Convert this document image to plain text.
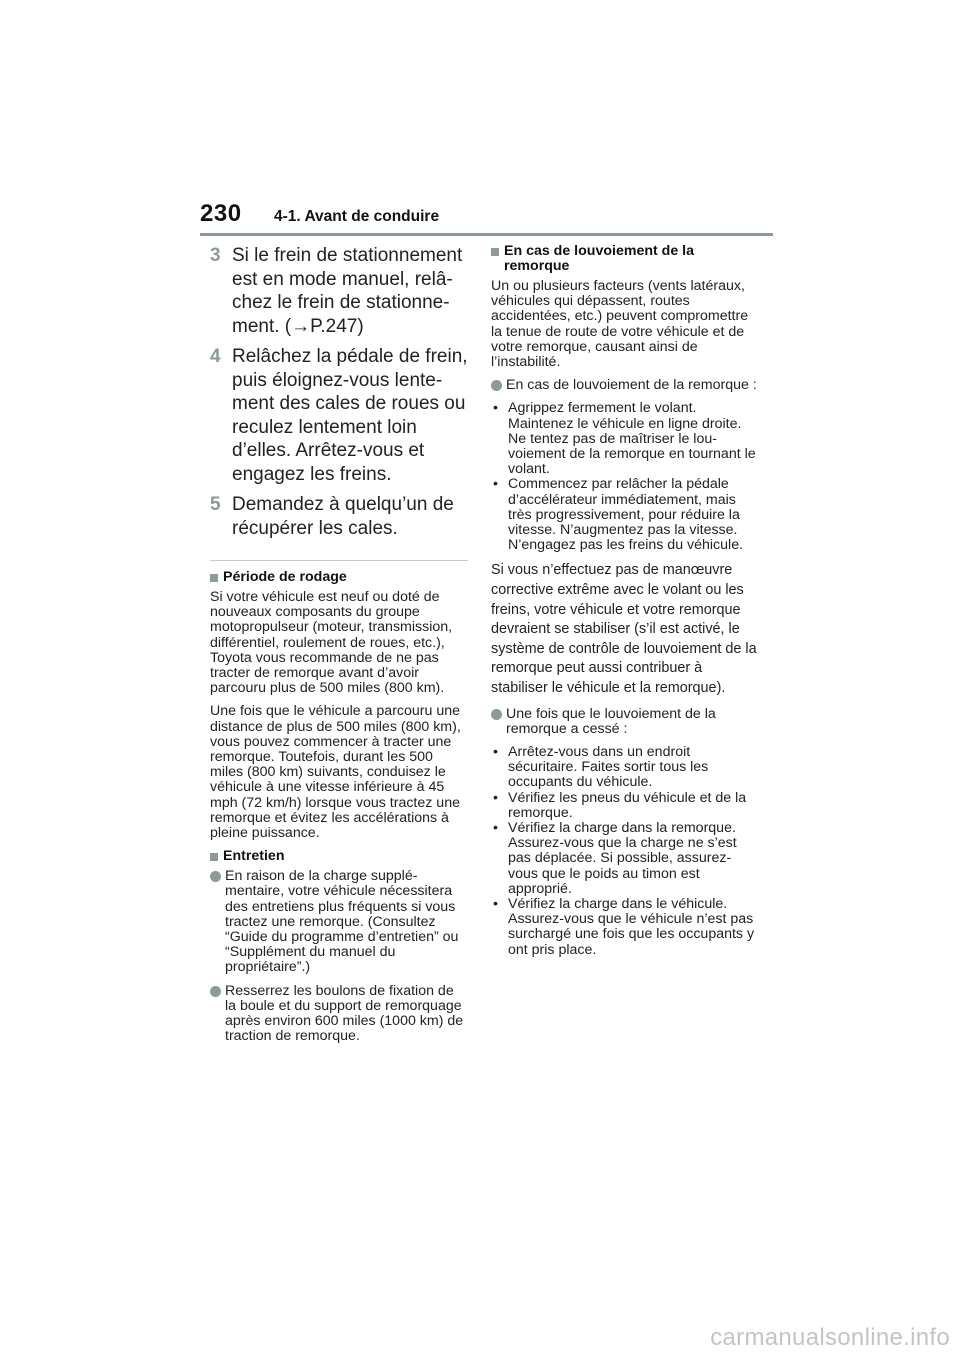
230 4-1. Avant de conduire
3 Si le frein de stationnement est en mode manuel, relâchez le frein de stationnement. (→P.247)
4 Relâchez la pédale de frein, puis éloignez-vous lentement des cales de roues ou reculez lentement loin d’elles. Arrêtez-vous et engagez les freins.
5 Demandez à quelqu’un de récupérer les cales.
Période de rodage
Si votre véhicule est neuf ou doté de nouveaux composants du groupe motopropulseur (moteur, transmission, différentiel, roulement de roues, etc.), Toyota vous recommande de ne pas tracter de remorque avant d’avoir parcouru plus de 500 miles (800 km).
Une fois que le véhicule a parcouru une distance de plus de 500 miles (800 km), vous pouvez commencer à tracter une remorque. Toutefois, durant les 500 miles (800 km) suivants, conduisez le véhicule à une vitesse inférieure à 45 mph (72 km/h) lorsque vous tractez une remorque et évitez les accélérations à pleine puissance.
Entretien
En raison de la charge supplémentaire, votre véhicule nécessitera des entretiens plus fréquents si vous tractez une remorque. (Consultez “Guide du programme d’entretien” ou “Supplément du manuel du propriétaire”.)
Resserrez les boulons de fixation de la boule et du support de remorquage après environ 600 miles (1000 km) de traction de remorque.
En cas de louvoiement de la remorque
Un ou plusieurs facteurs (vents latéraux, véhicules qui dépassent, routes accidentées, etc.) peuvent compromettre la tenue de route de votre véhicule et de votre remorque, causant ainsi de l’instabilité.
En cas de louvoiement de la remorque :
• Agrippez fermement le volant. Maintenez le véhicule en ligne droite. Ne tentez pas de maîtriser le louvoiement de la remorque en tournant le volant.
• Commencez par relâcher la pédale d’accélérateur immédiatement, mais très progressivement, pour réduire la vitesse. N’augmentez pas la vitesse. N’engagez pas les freins du véhicule.
Si vous n’effectuez pas de manœuvre corrective extrême avec le volant ou les freins, votre véhicule et votre remorque devraient se stabiliser (s’il est activé, le système de contrôle de louvoiement de la remorque peut aussi contribuer à stabiliser le véhicule et la remorque).
Une fois que le louvoiement de la remorque a cessé :
• Arrêtez-vous dans un endroit sécuritaire. Faites sortir tous les occupants du véhicule.
• Vérifiez les pneus du véhicule et de la remorque.
• Vérifiez la charge dans la remorque. Assurez-vous que la charge ne s’est pas déplacée. Si possible, assurez-vous que le poids au timon est approprié.
• Vérifiez la charge dans le véhicule. Assurez-vous que le véhicule n’est pas surchargé une fois que les occupants y ont pris place.
carmanualsonline.info
